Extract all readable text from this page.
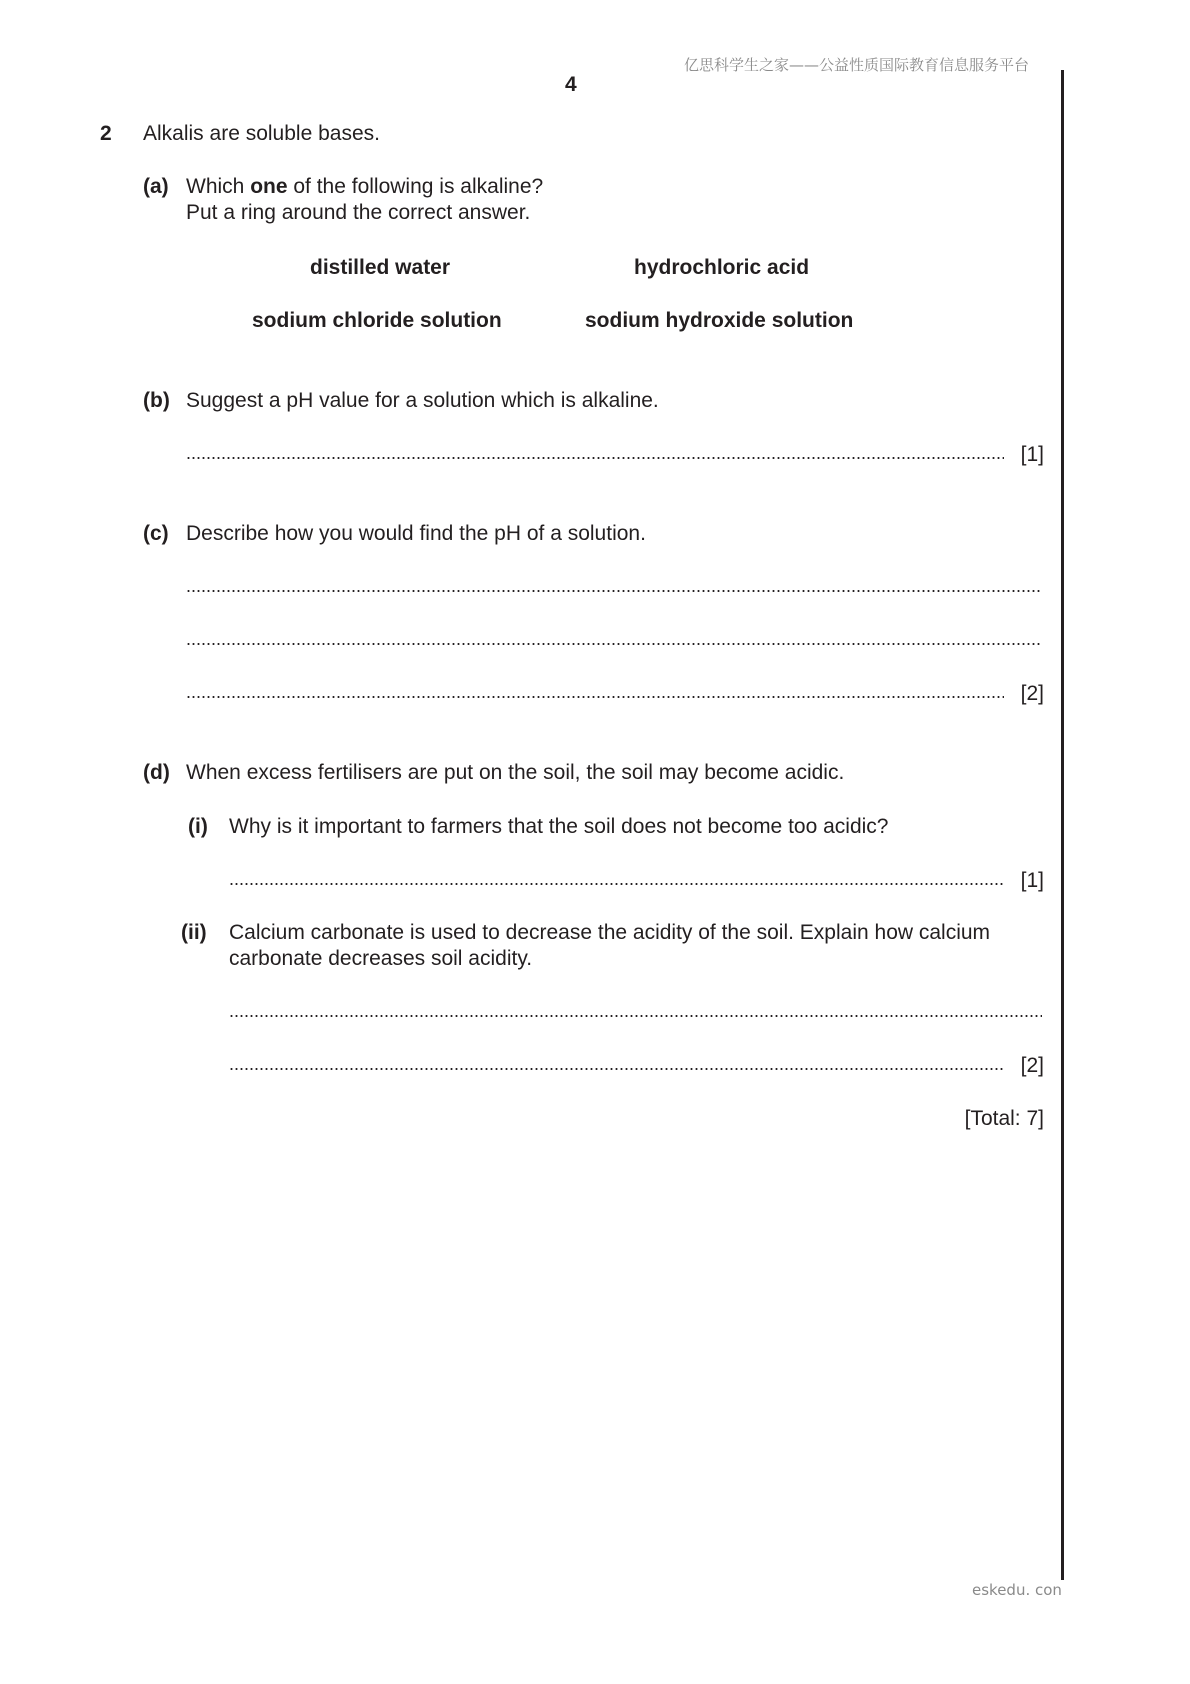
亿思科学生之家——公益性质国际教育信息服务平台
4
2 Alkalis are soluble bases.
(a) Which one of the following is alkaline?
Put a ring around the correct answer.
distilled water	hydrochloric acid
sodium chloride solution	sodium hydroxide solution
(b) Suggest a pH value for a solution which is alkaline.
[1]
(c) Describe how you would find the pH of a solution.
[2]
(d) When excess fertilisers are put on the soil, the soil may become acidic.
(i) Why is it important to farmers that the soil does not become too acidic?
[1]
(ii) Calcium carbonate is used to decrease the acidity of the soil. Explain how calcium
carbonate decreases soil acidity.
[2]
[Total: 7]
eskedu. con
